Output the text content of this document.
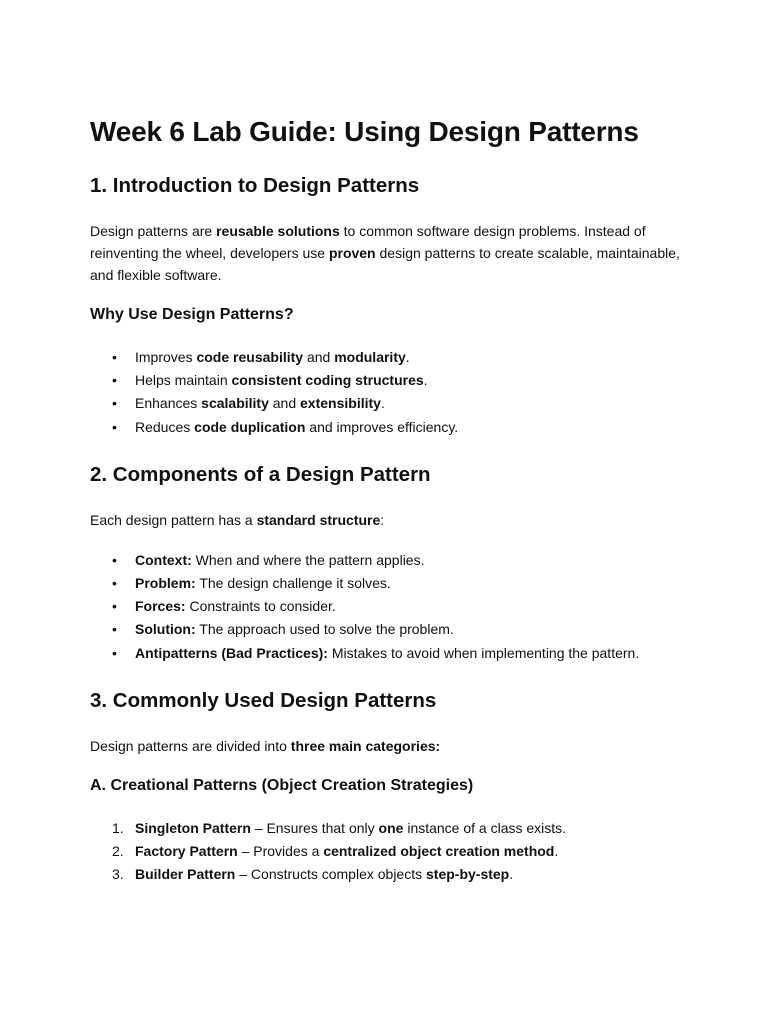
Week 6 Lab Guide: Using Design Patterns
1. Introduction to Design Patterns

Design patterns are reusable solutions to common software design problems. Instead of reinventing the wheel, developers use proven design patterns to create scalable, maintainable, and flexible software.

Why Use Design Patterns?
• Improves code reusability and modularity.
• Helps maintain consistent coding structures.
• Enhances scalability and extensibility.
• Reduces code duplication and improves efficiency.
2. Components of a Design Pattern

Each design pattern has a standard structure:

• Context: When and where the pattern applies.
• Problem: The design challenge it solves.
• Forces: Constraints to consider.
• Solution: The approach used to solve the problem.
• Antipatterns (Bad Practices): Mistakes to avoid when implementing the pattern.
3. Commonly Used Design Patterns

Design patterns are divided into three main categories:

A. Creational Patterns (Object Creation Strategies)
1. Singleton Pattern – Ensures that only one instance of a class exists.
2. Factory Pattern – Provides a centralized object creation method.
3. Builder Pattern – Constructs complex objects step-by-step.
